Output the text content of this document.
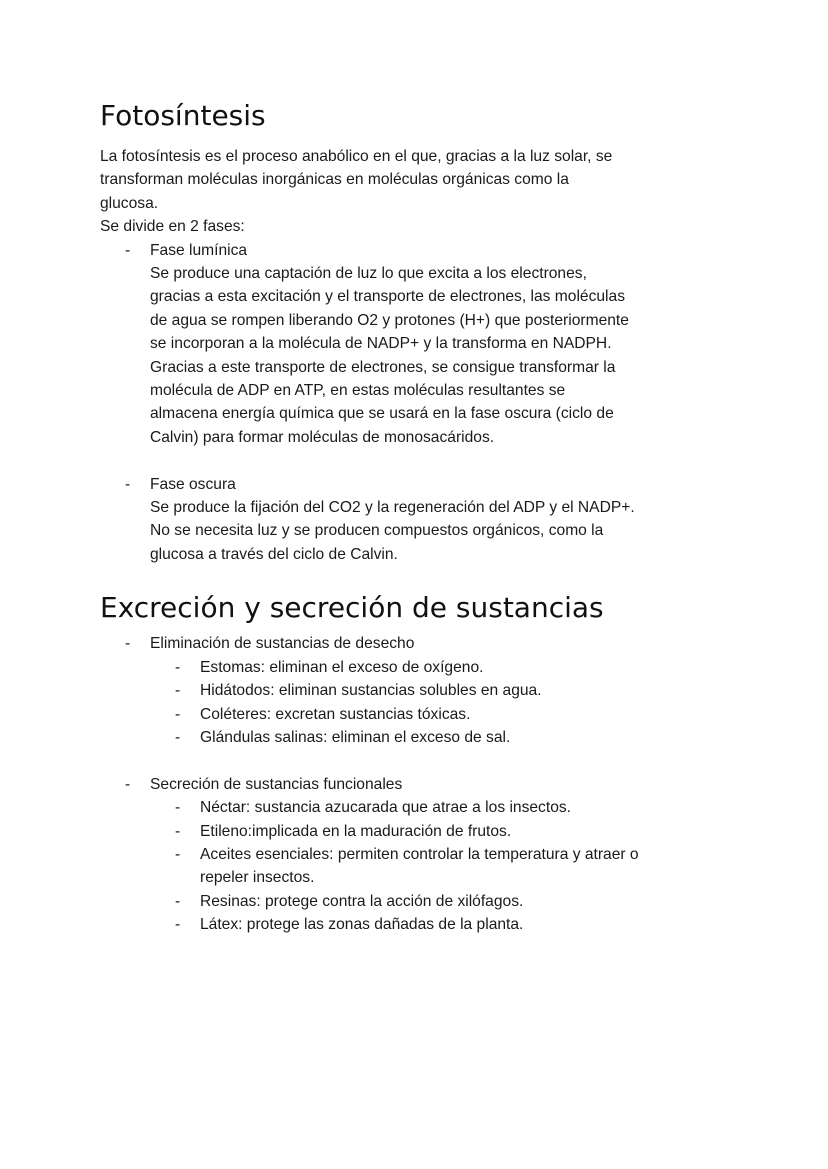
Fotosíntesis
La fotosíntesis es el proceso anabólico en el que, gracias a la luz solar, se
transforman moléculas inorgánicas en moléculas orgánicas como la
glucosa.
Se divide en 2 fases:
- Fase lumínica
Se produce una captación de luz lo que excita a los electrones,
gracias a esta excitación y el transporte de electrones, las moléculas
de agua se rompen liberando O2 y protones (H+) que posteriormente
se incorporan a la molécula de NADP+ y la transforma en NADPH.
Gracias a este transporte de electrones, se consigue transformar la
molécula de ADP en ATP, en estas moléculas resultantes se
almacena energía química que se usará en la fase oscura (ciclo de
Calvin) para formar moléculas de monosacáridos.
- Fase oscura
Se produce la fijación del CO2 y la regeneración del ADP y el NADP+.
No se necesita luz y se producen compuestos orgánicos, como la
glucosa a través del ciclo de Calvin.
Excreción y secreción de sustancias
- Eliminación de sustancias de desecho
- Estomas: eliminan el exceso de oxígeno.
- Hidátodos: eliminan sustancias solubles en agua.
- Coléteres: excretan sustancias tóxicas.
- Glándulas salinas: eliminan el exceso de sal.
- Secreción de sustancias funcionales
- Néctar: sustancia azucarada que atrae a los insectos.
- Etileno:implicada en la maduración de frutos.
- Aceites esenciales: permiten controlar la temperatura y atraer o
repeler insectos.
- Resinas: protege contra la acción de xilófagos.
- Látex: protege las zonas dañadas de la planta.
